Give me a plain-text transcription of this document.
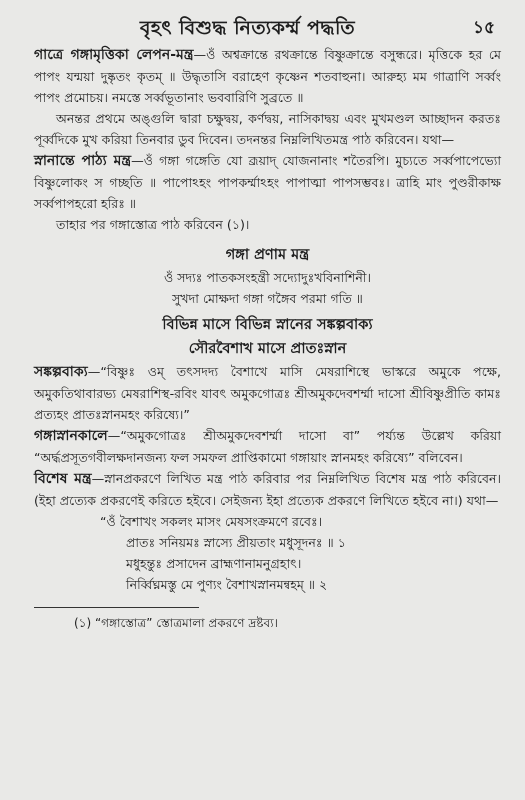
বৃহৎ বিশুদ্ধ নিত্যকর্ম্ম পদ্ধতি	১৫

গাত্রে গঙ্গামৃত্তিকা লেপন-মন্ত্র—ওঁ অশ্বক্রান্তে রথক্রান্তে বিষ্ণুক্রান্তে বসুন্ধরে। মৃত্তিকে হর মে পাপং যন্ময়া দুষ্কৃতং কৃতম্ ॥ উদ্ধৃতাসি বরাহেণ কৃষ্ণেন শতবাহুনা। আরুহ্য মম গাত্রাণি সর্ব্বং পাপং প্রমোচয়। নমস্তে সর্ব্বভূতানাং ভববারিণি সুব্রতে ॥

অনন্তর প্রথমে অঙ্গুলি দ্বারা চক্ষুদ্বয়, কর্ণদ্বয়, নাসিকাদ্বয় এবং মুখমণ্ডল আচ্ছাদন করতঃ পূর্ব্বদিকে মুখ করিয়া তিনবার ডুব দিবেন। তদনন্তর নিম্নলিখিতমন্ত্র পাঠ করিবেন। যথা—

স্নানান্তে পাঠ্য মন্ত্র—ওঁ গঙ্গা গঙ্গেতি যো ব্রূয়াদ্ যোজনানাং শতৈরপি। মুচ্যতে সর্ব্বপাপেভ্যো বিষ্ণুলোকং স গচ্ছতি ॥ পাপোঽহং পাপকর্ম্মাঽহং পাপাত্মা পাপসম্ভবঃ। ত্রাহি মাং পুণ্ডরীকাক্ষ সর্ব্বপাপহরো হরিঃ ॥

তাহার পর গঙ্গাস্তোত্র পাঠ করিবেন (১)।

গঙ্গা প্রণাম মন্ত্র

ওঁ সদ্যঃ পাতকসংহন্ত্রী সদ্যোদুঃখবিনাশিনী।

সুখদা মোক্ষদা গঙ্গা গঙ্গৈব পরমা গতি ॥

বিভিন্ন মাসে বিভিন্ন স্নানের সঙ্কল্পবাক্য

সৌরবৈশাখ মাসে প্রাতঃস্নান

সঙ্কল্পবাক্য—“বিষ্ণুঃ ওম্ তৎসদদ্য বৈশাখে মাসি মেষরাশিস্থে ভাস্করে অমুকে পক্ষে, অমুকতিথাবারভ্য মেষরাশিস্থ-রবিং যাবৎ অমুকগোত্রঃ শ্রীঅমুকদেবশর্ম্মা দাসো শ্রীবিষ্ণুপ্রীতি কামঃ প্রত্যহং প্রাতঃস্নানমহং করিষ্যে।”

গঙ্গাস্নানকালে—“অমুকগোত্রঃ শ্রীঅমুকদেবশর্ম্মা দাসো বা” পর্য্যন্ত উল্লেখ করিয়া “অর্দ্ধপ্রসূতগবীলক্ষদানজন্য ফল সমফল প্রাপ্তিকামো গঙ্গায়াং স্নানমহং করিষ্যে” বলিবেন।

বিশেষ মন্ত্র—স্নানপ্রকরণে লিখিত মন্ত্র পাঠ করিবার পর নিম্নলিখিত বিশেষ মন্ত্র পাঠ করিবেন। (ইহা প্রত্যেক প্রকরণেই করিতে হইবে। সেইজন্য ইহা প্রত্যেক প্রকরণে লিখিতে হইবে না।) যথা—

“ওঁ বৈশাখং সকলং মাসং মেষসংক্রমণে রবেঃ।

প্রাতঃ সনিয়মঃ স্নাস্যে প্রীয়তাং মধুসূদনঃ ॥ ১

মধুহন্তুঃ প্রসাদেন ব্রাহ্মণানামনুগ্রহাৎ।

নির্ব্বিঘ্নমস্তু মে পুণ্যং বৈশাখস্নানমন্বহম্ ॥ ২

(১) “গঙ্গাস্তোত্র” স্তোত্রমালা প্রকরণে দ্রষ্টব্য।
